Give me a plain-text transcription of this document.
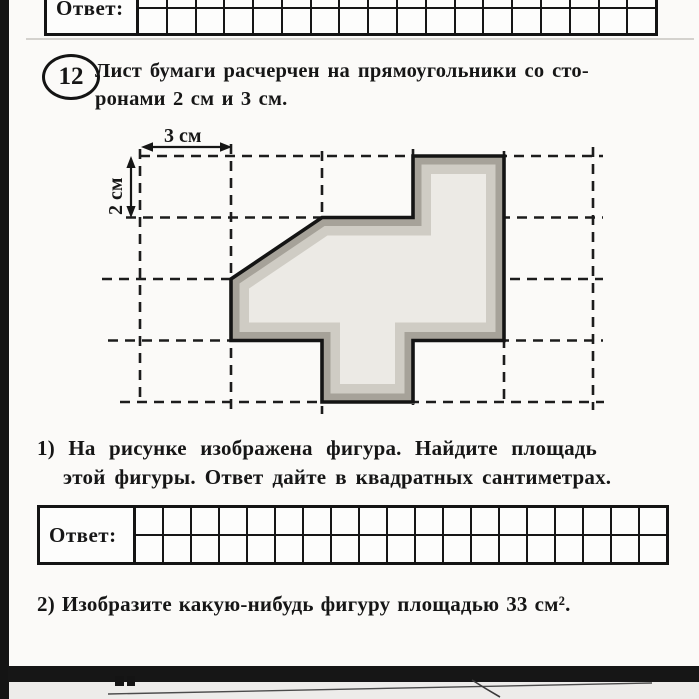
Ответ:
12 Лист бумаги расчерчен на прямоугольники со сто-
ронами 2 см и 3 см.
3 см
2 см
1) На рисунке изображена фигура. Найдите площадь
этой фигуры. Ответ дайте в квадратных сантиметрах.
Ответ:
2) Изобразите какую-нибудь фигуру площадью 33 см².
